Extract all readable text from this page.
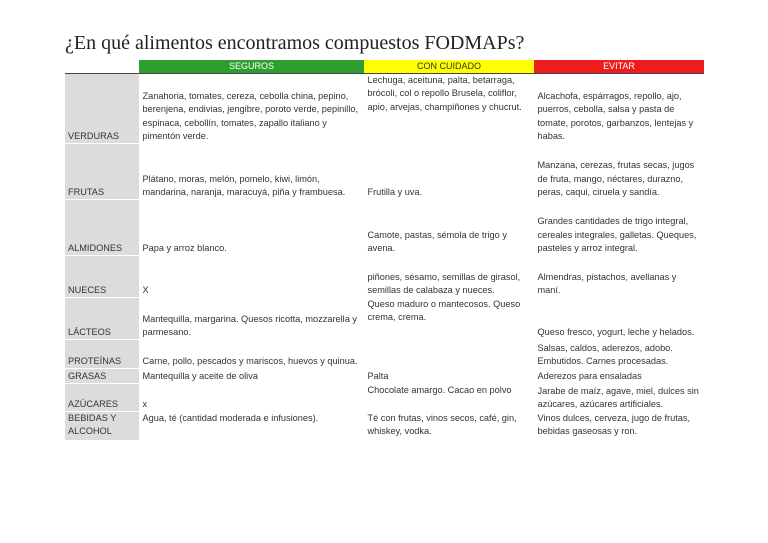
¿En qué alimentos encontramos compuestos FODMAPs?
	SEGUROS	CON CUIDADO	EVITAR
VERDURAS	Zanahoria, tomates, cereza, cebolla china, pepino, berenjena, endivias, jengibre, poroto verde, pepinillo, espinaca, cebollín, tomates, zapallo italiano y pimentón verde.	Lechuga, aceituna, palta, betarraga, brócoli, col o repollo Brusela, coliflor, apio, arvejas, champiñones y chucrut.	Alcachofa, espárragos, repollo, ajo, puerros, cebolla, salsa y pasta de tomate, porotos, garbanzos, lentejas y habas.
FRUTAS	Plátano, moras, melón, pomelo, kiwi, limón, mandarina, naranja, maracuyá, piña y frambuesa.	Frutilla y uva.	Manzana, cerezas, frutas secas, jugos de fruta, mango, néctares, durazno, peras, caqui, ciruela y sandía.
ALMIDONES	Papa y arroz blanco.	Camote, pastas, sémola de trigo y avena.	Grandes cantidades de trigo integral, cereales integrales, galletas. Queques, pasteles y arroz integral.
NUECES	X	piñones, sésamo, semillas de girasol, semillas de calabaza y nueces.	Almendras, pistachos, avellanas y maní.
LÁCTEOS	Mantequilla, margarina. Quesos ricotta, mozzarella y parmesano.	Queso maduro o mantecosos. Queso crema, crema.	Queso fresco, yogurt, leche y helados.
PROTEÍNAS	Carne, pollo, pescados y mariscos, huevos y quinua.		Salsas, caldos, aderezos, adobo. Embutidos. Carnes procesadas.
GRASAS	Mantequilla y aceite de oliva	Palta	Aderezos para ensaladas
AZÚCARES	x	Chocolate amargo. Cacao en polvo	Jarabe de maíz, agave, miel, dulces sin azúcares, azúcares artificiales.
BEBIDAS Y ALCOHOL	Agua, té (cantidad moderada e infusiones).	Té con frutas, vinos secos, café, gin, whiskey, vodka.	Vinos dulces, cerveza, jugo de frutas, bebidas gaseosas y ron.
